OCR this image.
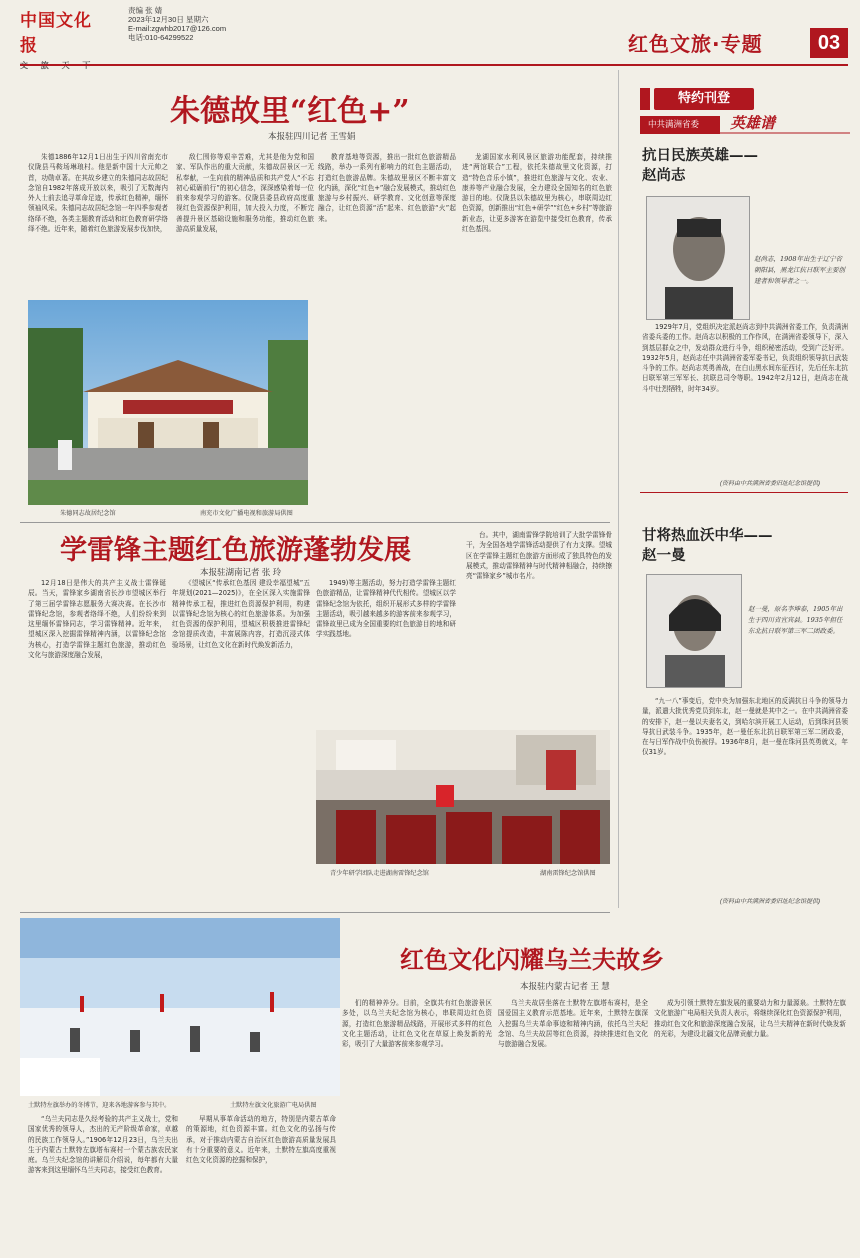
中国文化报
责编 张 婧
2023年12月30日 星期六
E-mail:zgwhb2017@126.com
电话:010-64299522	红色文旅·专题	03
朱德故里“红色+”
本报驻四川记者 王雪娟

朱德1886年12月1日出生于四川省南充市仪陇县马鞍场琳琅村。他是新中国十大元帅之首，功勋卓著。在其故乡建立的朱德同志故居纪念馆自1982年落成开放以来，吸引了无数海内外人士前去追寻革命足迹，传承红色精神，缅怀领袖风采。朱德同志故居纪念馆一年四季参观者络绎不绝，各类主题教育活动和红色教育研学络绎不绝。近年来，随着红色旅游发展步伐加快，

敌仁围你等艰辛苦难，尤其是他为党和国家、军队作出的重大贡献，朱德故居景区一无私奉献，一生向前的精神品质和共产党人“不忘初心砥砺前行”的初心信念，深深感染着每一位前来参观学习的游客。仪陇县委县政府高度重视红色资源保护利用，加大投入力度，不断完善提升景区基础设施和服务功能，推动红色旅游高质量发展，

教育基地等资源，推出一批红色旅游精品线路，举办一系列有影响力的红色主题活动，打造红色旅游品牌。朱德故里景区不断丰富文化内涵，深化“红色+”融合发展模式，推动红色旅游与乡村振兴、研学教育、文化创意等深度融合，让红色资源“活”起来、红色旅游“火”起来。

龙湖国家水利风景区旅游功能配套，持续推进“两馆联合”工程，依托朱德故里文化资源，打造“特色音乐小镇”，推进红色旅游与文化、农业、康养等产业融合发展，全力建设全国知名的红色旅游目的地。仪陇县以朱德故里为核心，串联周边红色资源，创新推出“红色+研学”“红色+乡村”等旅游新业态，让更多游客在游览中接受红色教育，传承红色基因。

朱德同志故居纪念馆	南充市文化广播电视和旅游局供图
学雷锋主题红色旅游蓬勃发展
本报驻湖南记者 张 玲

12月18日是伟大的共产主义战士雷锋诞辰。当天，雷锋家乡湖南省长沙市望城区举行了第三届学雷锋志愿服务大赛决赛。在长沙市雷锋纪念馆，参观者络绎不绝，人们纷纷来到这里缅怀雷锋同志，学习雷锋精神。近年来，望城区深入挖掘雷锋精神内涵，以雷锋纪念馆为核心，打造学雷锋主题红色旅游，推动红色文化与旅游深度融合发展，

《望城区“传承红色基因 建设幸福望城”五年规划(2021—2025)》，在全区深入实施雷锋精神传承工程，推进红色资源保护利用，构建以雷锋纪念馆为核心的红色旅游体系。为加强红色资源的保护利用，望城区积极推进雷锋纪念馆提质改造，丰富展陈内容，打造沉浸式体验场景，让红色文化在新时代焕发新活力，

1949)等主题活动，努力打造学雷锋主题红色旅游精品，让雷锋精神代代相传。望城区以学雷锋纪念馆为依托，组织开展形式多样的学雷锋主题活动，吸引越来越多的游客前来参观学习，雷锋故里已成为全国重要的红色旅游目的地和研学实践基地。

台。其中，湖南雷锋学院培训了大批学雷锋骨干，为全国各地学雷锋活动提供了有力支撑。望城区在学雷锋主题红色旅游方面形成了独具特色的发展模式，推动雷锋精神与时代精神相融合，持续擦亮“雷锋家乡”城市名片。

青少年研学团队走进湖南雷锋纪念馆	湖南雷锋纪念馆供图
红色文化闪耀乌兰夫故乡
本报驻内蒙古记者 王 慧
土默特左旗举办的冬博节，迎来各地游客参与其中。	土默特左旗文化旅游广电局供图

“乌兰夫同志是久经考验的共产主义战士，党和国家优秀的领导人，杰出的无产阶级革命家，卓越的民族工作领导人。”1906年12月23日，乌兰夫出生于内蒙古土默特左旗塔布赛村一个蒙古族农民家庭。乌兰夫纪念馆的讲解员介绍说，每年都有大量游客来到这里缅怀乌兰夫同志，接受红色教育。

早期从事革命活动的地方，特别是内蒙古革命的策源地，红色资源丰富。红色文化的弘扬与传承，对于推动内蒙古自治区红色旅游高质量发展具有十分重要的意义。近年来，土默特左旗高度重视红色文化资源的挖掘和保护，

们的精神养分。目前，全旗共有红色旅游景区多处，以乌兰夫纪念馆为核心，串联周边红色资源，打造红色旅游精品线路，开展形式多样的红色文化主题活动，让红色文化在草原上焕发新的光彩，吸引了大量游客前来参观学习。

乌兰夫故居坐落在土默特左旗塔布赛村，是全国爱国主义教育示范基地。近年来，土默特左旗深入挖掘乌兰夫革命事迹和精神内涵，依托乌兰夫纪念馆、乌兰夫故居等红色资源，持续推进红色文化与旅游融合发展。

成为引领土默特左旗发展的重要动力和力量源泉。土默特左旗文化旅游广电局相关负责人表示，将继续深化红色资源保护利用，推动红色文化和旅游深度融合发展，让乌兰夫精神在新时代焕发新的光彩，为建设北疆文化品牌贡献力量。

特约刊登
中共满洲省委 英雄谱
抗日民族英雄——
赵尚志
赵尚志，1908年出生于辽宁省朝阳县，黑龙江抗日联军主要创建者和领导者之一。

1929年7月，党组织决定派赵尚志到中共满洲省委工作，负责满洲省委兵委的工作。赵尚志以积极的工作作风，在满洲省委领导下，深入到基层群众之中，发动群众进行斗争，组织秘密活动，受到广泛好评。1932年5月，赵尚志任中共满洲省委军委书记，负责组织领导抗日武装斗争的工作。赵尚志英勇善战，在白山黑水间东征西讨，先后任东北抗日联军第三军军长、抗联总司令等职。1942年2月12日，赵尚志在战斗中壮烈牺牲，时年34岁。

(资料由中共满洲省委旧址纪念馆提供)
甘将热血沃中华——
赵一曼
赵一曼，原名李坤泰，1905年出生于四川省宜宾县。1935年担任东北抗日联军第三军二团政委。

“九一八”事变后，党中央为加强东北地区的反满抗日斗争的领导力量，派遣大批优秀党员到东北，赵一曼就是其中之一。在中共满洲省委的安排下，赵一曼以夫妻名义，到哈尔滨开展工人运动，后到珠河县领导抗日武装斗争。1935年，赵一曼任东北抗日联军第三军二团政委，在与日军作战中负伤被俘。1936年8月，赵一曼在珠河县英勇就义，年仅31岁。

(资料由中共满洲省委旧址纪念馆提供)
